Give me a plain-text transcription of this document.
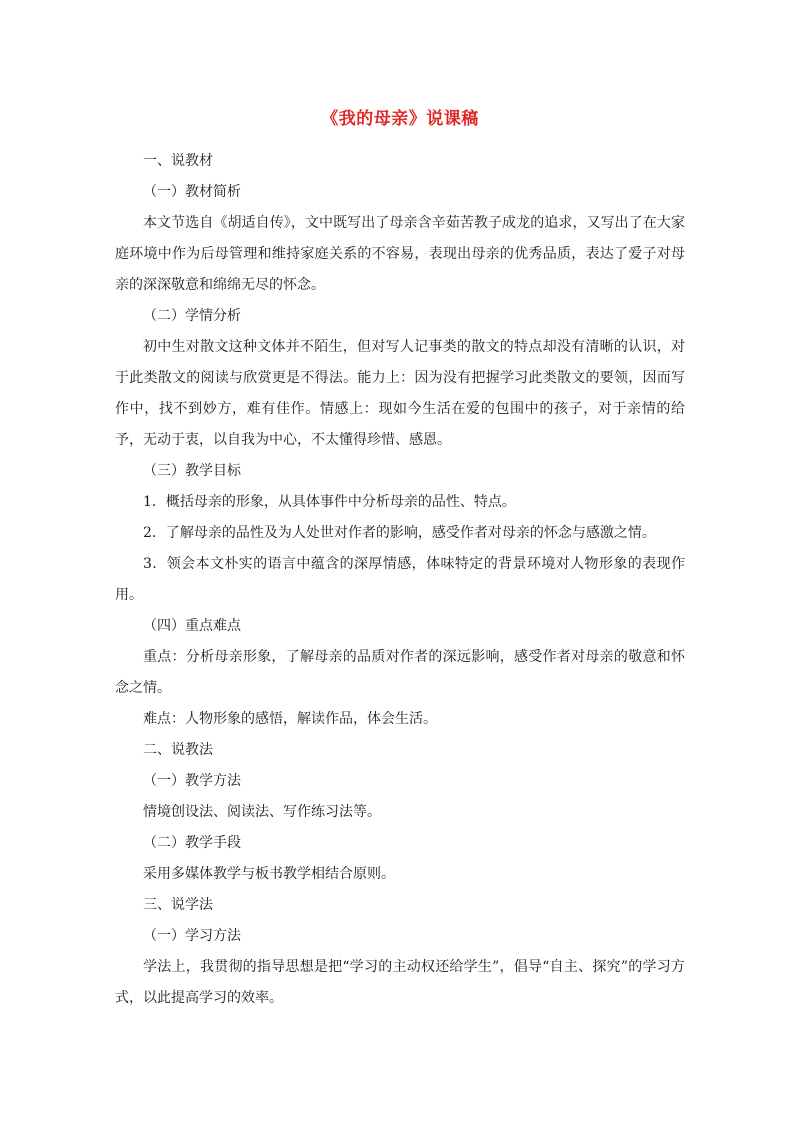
《我的母亲》说课稿

一、说教材

（一）教材简析

本文节选自《胡适自传》，文中既写出了母亲含辛茹苦教子成龙的追求，又写出了在大家庭环境中作为后母管理和维持家庭关系的不容易，表现出母亲的优秀品质，表达了爱子对母亲的深深敬意和绵绵无尽的怀念。

（二）学情分析

初中生对散文这种文体并不陌生，但对写人记事类的散文的特点却没有清晰的认识，对于此类散文的阅读与欣赏更是不得法。能力上：因为没有把握学习此类散文的要领，因而写作中，找不到妙方，难有佳作。情感上：现如今生活在爱的包围中的孩子，对于亲情的给予，无动于衷，以自我为中心，不太懂得珍惜、感恩。

（三）教学目标

1．概括母亲的形象，从具体事件中分析母亲的品性、特点。

2．了解母亲的品性及为人处世对作者的影响，感受作者对母亲的怀念与感激之情。

3．领会本文朴实的语言中蕴含的深厚情感，体味特定的背景环境对人物形象的表现作用。

（四）重点难点

重点：分析母亲形象，了解母亲的品质对作者的深远影响，感受作者对母亲的敬意和怀念之情。

难点：人物形象的感悟，解读作品，体会生活。

二、说教法

（一）教学方法

情境创设法、阅读法、写作练习法等。

（二）教学手段

采用多媒体教学与板书教学相结合原则。

三、说学法

（一）学习方法

学法上，我贯彻的指导思想是把“学习的主动权还给学生”，倡导“自主、探究”的学习方式，以此提高学习的效率。
